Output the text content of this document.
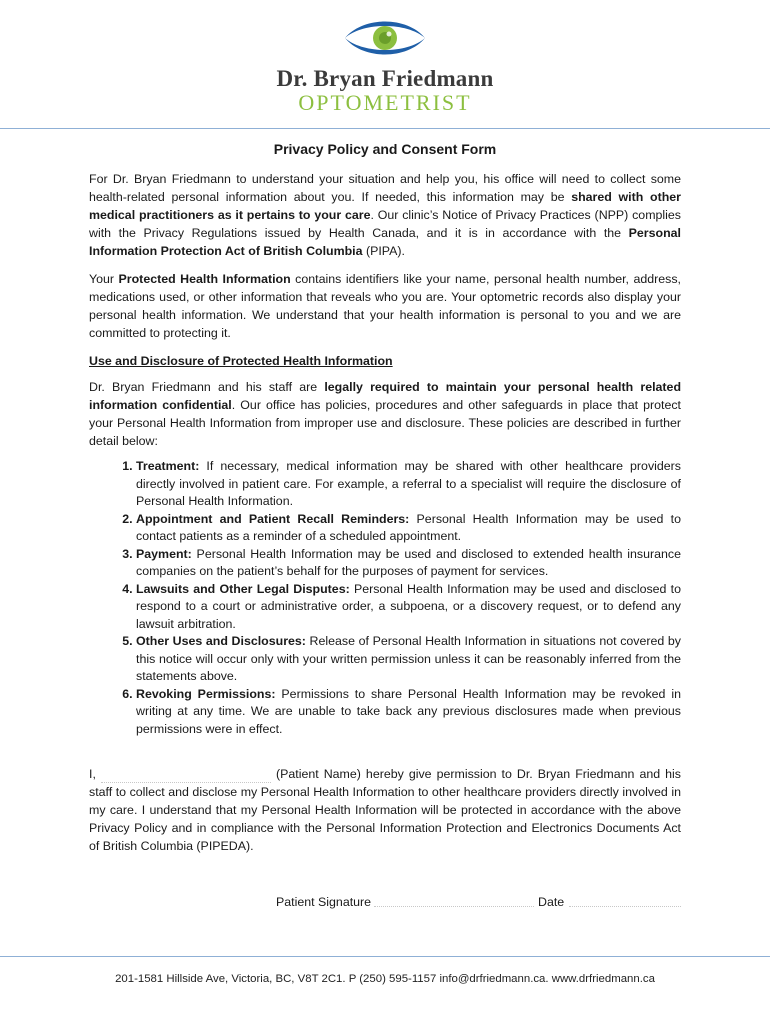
Dr. Bryan Friedmann
OPTOMETRIST
Privacy Policy and Consent Form

For Dr. Bryan Friedmann to understand your situation and help you, his office will need to collect some health-related personal information about you. If needed, this information may be shared with other medical practitioners as it pertains to your care. Our clinic’s Notice of Privacy Practices (NPP) complies with the Privacy Regulations issued by Health Canada, and it is in accordance with the Personal Information Protection Act of British Columbia (PIPA).

Your Protected Health Information contains identifiers like your name, personal health number, address, medications used, or other information that reveals who you are. Your optometric records also display your personal health information. We understand that your health information is personal to you and we are committed to protecting it.

Use and Disclosure of Protected Health Information

Dr. Bryan Friedmann and his staff are legally required to maintain your personal health related information confidential. Our office has policies, procedures and other safeguards in place that protect your Personal Health Information from improper use and disclosure. These policies are described in further detail below:

1. Treatment: If necessary, medical information may be shared with other healthcare providers directly involved in patient care. For example, a referral to a specialist will require the disclosure of Personal Health Information.
2. Appointment and Patient Recall Reminders: Personal Health Information may be used to contact patients as a reminder of a scheduled appointment.
3. Payment: Personal Health Information may be used and disclosed to extended health insurance companies on the patient’s behalf for the purposes of payment for services.
4. Lawsuits and Other Legal Disputes: Personal Health Information may be used and disclosed to respond to a court or administrative order, a subpoena, or a discovery request, or to defend any lawsuit arbitration.
5. Other Uses and Disclosures: Release of Personal Health Information in situations not covered by this notice will occur only with your written permission unless it can be reasonably inferred from the statements above.
6. Revoking Permissions: Permissions to share Personal Health Information may be revoked in writing at any time. We are unable to take back any previous disclosures made when previous permissions were in effect.

I,	(Patient Name) hereby give permission to Dr. Bryan Friedmann and his staff to collect and disclose my Personal Health Information to other healthcare providers directly involved in my care. I understand that my Personal Health Information will be protected in accordance with the above Privacy Policy and in compliance with the Personal Information Protection and Electronics Documents Act of British Columbia (PIPEDA).

Patient Signature	Date
201-1581 Hillside Ave, Victoria, BC, V8T 2C1. P (250) 595-1157 info@drfriedmann.ca. www.drfriedmann.ca
